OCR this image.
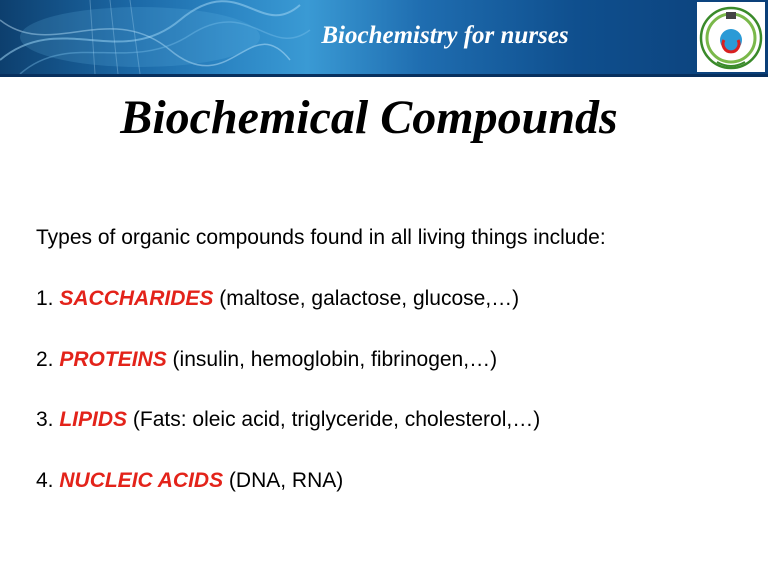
Biochemistry for nurses
Biochemical Compounds

Types of organic compounds found in all living things include:

1. SACCHARIDES (maltose, galactose, glucose,…)
2. PROTEINS (insulin, hemoglobin, fibrinogen,…)
3. LIPIDS (Fats: oleic acid, triglyceride, cholesterol,…)
4. NUCLEIC ACIDS (DNA, RNA)
